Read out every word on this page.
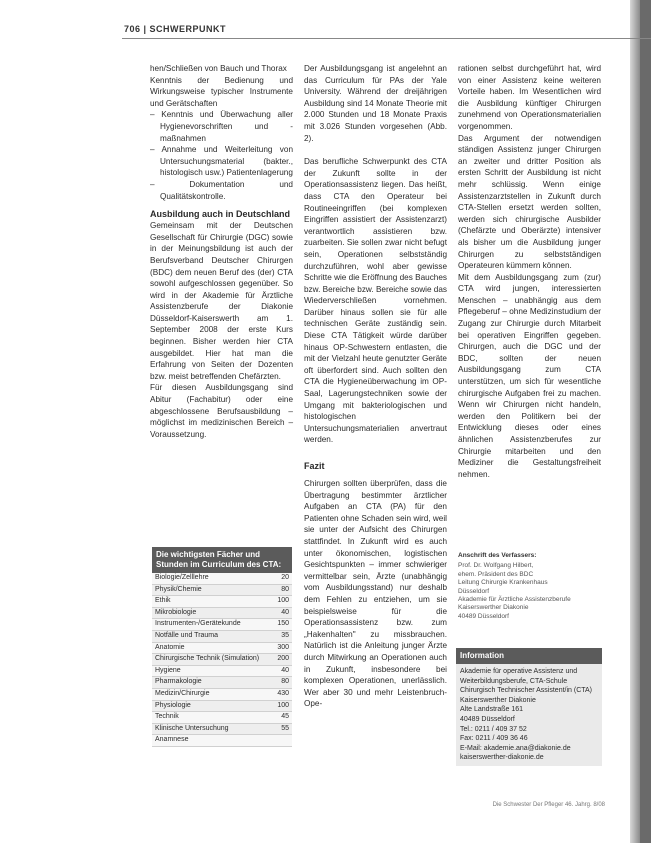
706 | SCHWERPUNKT

hen/Schließen von Bauch und Thorax

Kenntnis der Bedienung und Wirkungsweise typischer Instrumente und Gerätschaften

– Kenntnis und Überwachung aller Hygienevorschriften und -maßnahmen

– Annahme und Weiterleitung von Untersuchungsmaterial (bakter., histologisch usw.) Patientenlagerung

– Dokumentation und Qualitätskontrolle.

Ausbildung auch in Deutschland

Gemeinsam mit der Deutschen Gesellschaft für Chirurgie (DGC) sowie in der Meinungsbildung ist auch der Berufsverband Deutscher Chirurgen (BDC) dem neuen Beruf des (der) CTA sowohl aufgeschlossen gegenüber. So wird in der Akademie für Ärztliche Assistenzberufe der Diakonie Düsseldorf-Kaiserswerth am 1. September 2008 der erste Kurs beginnen. Bisher werden hier CTA ausgebildet. Hier hat man die Erfahrung von Seiten der Dozenten bzw. meist betreffenden Chefärzten.

Für diesen Ausbildungsgang sind Abitur (Fachabitur) oder eine abgeschlossene Berufsausbildung – möglichst im medizinischen Bereich – Voraussetzung.

Die wichtigsten Fächer und Stunden im Curriculum des CTA:
Biologie/Zelllehre	20
Physik/Chemie	80
Ethik	100
Mikrobiologie	40
Instrumenten-/Gerätekunde	150
Notfälle und Trauma	35
Anatomie	300
Chirurgische Technik (Simulation)	200
Hygiene	40
Pharmakologie	80
Medizin/Chirurgie	430
Physiologie	100
Technik	45
Klinische Untersuchung	55
Anamnese

Der Ausbildungsgang ist angelehnt an das Curriculum für PAs der Yale University. Während der dreijährigen Ausbildung sind 14 Monate Theorie mit 2.000 Stunden und 18 Monate Praxis mit 3.026 Stunden vorgesehen (Abb. 2).

Das berufliche Schwerpunkt des CTA der Zukunft sollte in der Operationsassistenz liegen. Das heißt, dass CTA den Operateur bei Routineeingriffen (bei komplexen Eingriffen assistiert der Assistenzarzt) verantwortlich assistieren bzw. zuarbeiten. Sie sollen zwar nicht befugt sein, Operationen selbstständig durchzuführen, wohl aber gewisse Schritte wie die Eröffnung des Bauches bzw. Bereiche bzw. Bereiche sowie das Wiederverschließen vornehmen. Darüber hinaus sollen sie für alle technischen Geräte zuständig sein. Diese CTA Tätigkeit würde darüber hinaus OP-Schwestern entlasten, die mit der Vielzahl heute genutzter Geräte oft überfordert sind. Auch sollten den CTA die Hygieneüberwachung im OP-Saal, Lagerungstechniken sowie der Umgang mit bakteriologischen und histologischen Untersuchungsmaterialien anvertraut werden.

Fazit

Chirurgen sollten überprüfen, dass die Übertragung bestimmter ärztlicher Aufgaben an CTA (PA) für den Patienten ohne Schaden sein wird, weil sie unter der Aufsicht des Chirurgen stattfindet. In Zukunft wird es auch unter ökonomischen, logistischen Gesichtspunkten – immer schwieriger vermittelbar sein, Ärzte (unabhängig vom Ausbildungsstand) nur deshalb dem Fehlen zu entziehen, um sie beispielsweise für die Operationsassistenz bzw. zum „Hakenhalten" zu missbrauchen. Natürlich ist die Anleitung junger Ärzte durch Mitwirkung an Operationen auch in Zukunft, insbesondere bei komplexen Operationen, unerlässlich. Wer aber 30 und mehr Leistenbruch-Ope-

rationen selbst durchgeführt hat, wird von einer Assistenz keine weiteren Vorteile haben. Im Wesentlichen wird die Ausbildung künftiger Chirurgen zunehmend von Operationsmaterialien vorgenommen.

Das Argument der notwendigen ständigen Assistenz junger Chirurgen an zweiter und dritter Position als ersten Schritt der Ausbildung ist nicht mehr schlüssig. Wenn einige Assistenzarztstellen in Zukunft durch CTA-Stellen ersetzt werden sollten, werden sich chirurgische Ausbilder (Chefärzte und Oberärzte) intensiver als bisher um die Ausbildung junger Chirurgen zu selbstständigen Operateuren kümmern können.

Mit dem Ausbildungsgang zum (zur) CTA wird jungen, interessierten Menschen – unabhängig aus dem Pflegeberuf – ohne Medizinstudium der Zugang zur Chirurgie durch Mitarbeit bei operativen Eingriffen gegeben. Chirurgen, auch die DGC und der BDC, sollten der neuen Ausbildungsgang zum CTA unterstützen, um sich für wesentliche chirurgische Aufgaben frei zu machen. Wenn wir Chirurgen nicht handeln, werden den Politikern bei der Entwicklung dieses oder eines ähnlichen Assistenzberufes zur Chirurgie mitarbeiten und den Mediziner die Gestaltungsfreiheit nehmen.

Anschrift des Verfassers:
Prof. Dr. Wolfgang Hilbert,
ehem. Präsident des BDC
Leitung Chirurgie Krankenhaus
Düsseldorf
Akademie für Ärztliche Assistenzberufe
Kaiserswerther Diakonie
40489 Düsseldorf
Information
Akademie für operative Assistenz und Weiterbildungsberufe, CTA-Schule
Chirurgisch Technischer Assistent/in (CTA)
Kaiserswerther Diakonie
Alte Landstraße 161
40489 Düsseldorf
Tel.: 0211 / 409 37 52
Fax: 0211 / 409 36 46
E-Mail: akademie.ana@diakonie.de
kaiserswerther-diakonie.de
Die Schwester Der Pfleger 46. Jahrg. 8/08
